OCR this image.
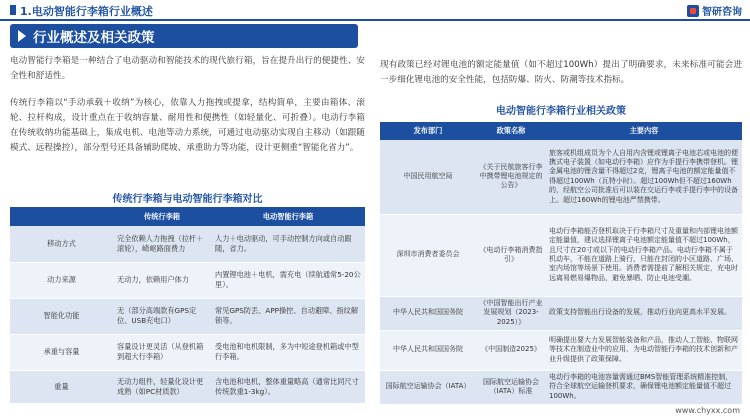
1.电动智能行李箱行业概述	智研咨询
行业概述及相关政策

电动智能行李箱是一种结合了电动驱动和智能技术的现代旅行箱，旨在提升出行的便捷性、安全性和舒适性。

传统行李箱以“手动承载＋收纳”为核心，依靠人力拖拽或提拿，结构简单，主要由箱体、滚轮、拉杆构成，设计重点在于收纳容量、耐用性和便携性（如轻量化、可折叠）。电动行李箱在传统收纳功能基础上，集成电机、电池等动力系统，可通过电动驱动实现自主移动（如跟随模式、远程操控），部分型号还具备辅助爬坡、承重助力等功能，设计更侧重“智能化省力”。

现有政策已经对锂电池的额定能量值（如不超过100Wh）提出了明确要求，未来标准可能会进一步细化锂电池的安全性能，包括防爆、防火、防潮等技术指标。

传统行李箱与电动智能行李箱对比
	传统行李箱	电动智能行李箱
移动方式	完全依赖人力拖拽（拉杆＋滚轮），崎岖路面费力	人力＋电动驱动，可手动控制方向或自动跟随，省力。
动力来源	无动力，依赖用户体力	内置锂电池＋电机，需充电（续航通常5-20公里）。
智能化功能	无（部分高端款有GPS定位、USB充电口）	常见GPS防丢、APP操控、自动避障、指纹解锁等。
承重与容量	容量设计更灵活（从登机箱到超大行李箱）	受电池和电机限制，多为中短途登机箱或中型行李箱。
重量	无动力组件，轻量化设计更成熟（如PC材质款）	含电池和电机，整体重量略高（通常比同尺寸传统款重1-3kg）。
电动智能行李箱行业相关政策
发布部门	政策名称	主要内容
中国民用航空局	《关于民航旅客行李中携带锂电池规定的公告》	旅客或机组成员为个人自用内含锂或锂离子电池芯或电池的便携式电子装置（如电动行李箱）应作为手提行李携带登机。锂金属电池的锂含量不得超过2克，锂离子电池的额定能量值不得超过100Wh（瓦特小时）。超过100Wh但不超过160Wh的，经航空公司批准后可以装在交运行李或手提行李中的设备上。超过160Wh的锂电池严禁携带。
深圳市消费者委员会	《电动行李箱消费指引》	电动行李箱能否登机取决于行李箱尺寸及重量和内部锂电池额定能量值，建议选择锂离子电池额定能量值不超过100Wh，且尺寸在20寸或以下的电动行李箱产品。电动行李箱不属于机动车，不能在道路上骑行，只能在封闭的小区道路、广场、室内场馆等场景下使用。消费者需提前了解相关规定，充电时远离易燃易爆物品，避免暴晒、防止电池受潮。
中华人民共和国国务院	《中国智能出行产业发展规划（2023-2025）》	政策支持智能出行设备的发展，推动行业向更高水平发展。
中华人民共和国国务院	《中国制造2025》	明确提出要大力发展智能装备和产品，推动人工智能、物联网等技术在制造业中的应用，为电动智能行李箱的技术创新和产业升级提供了政策保障。
国际航空运输协会（IATA）	国际航空运输协会（IATA）标准	电动行李箱的电池容量需通过BMS智能管理系统精准控制，符合全球航空运输登机要求，确保锂电池额定能量值不超过100Wh。
www.chyxx.com
